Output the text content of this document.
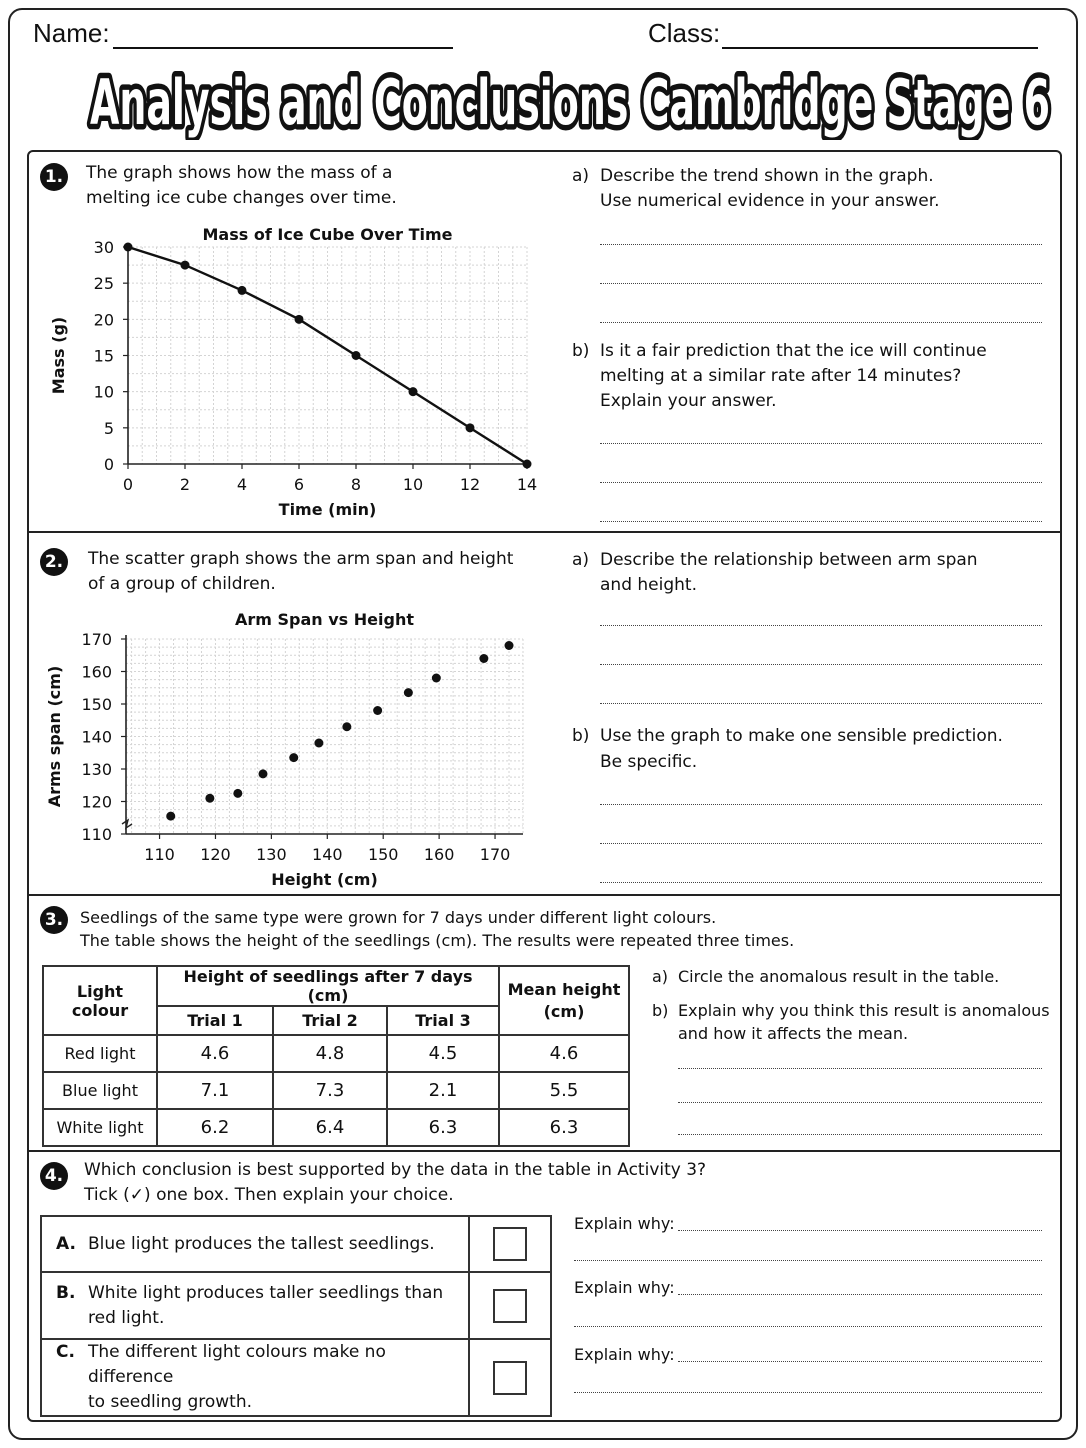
Name:	Class:
Analysis and Conclusions Cambridge Stage 6
Analysis and Conclusions Cambridge Stage 6
1. The graph shows how the mass of a
melting ice cube changes over time.
0
5
10
15
20
25
30
0	2	4	6	8	10 12 14
Mass of Ice Cube Over Time
Time (min)
Mass (g)
a) Describe the trend shown in the graph.
Use numerical evidence in your answer.
b) Is it a fair prediction that the ice will continue
melting at a similar rate after 14 minutes?
Explain your answer.
2. The scatter graph shows the arm span and height
of a group of children.
110
120
130
140
150
160
170
110 120 130 140 150 160 170
Arm Span vs Height
Height (cm)
Arms span (cm)
a) Describe the relationship between arm span
and height.
b) Use the graph to make one sensible prediction.
Be specific.
3.	Seedlings of the same type were grown for 7 days under different light colours.
The table shows the height of the seedlings (cm). The results were repeated three times.
Light colour	Height of seedlings after 7 days (cm)			Mean height
(cm)
	Trial 1	Trial 2	Trial 3	
Red light	4.6	4.8	4.5	4.6
Blue light	7.1	7.3	2.1	5.5
White light	6.2	6.4	6.3	6.3
a) Circle the anomalous result in the table.
b) Explain why you think this result is anomalous
and how it affects the mean.
4. Which conclusion is best supported by the data in the table in Activity 3?
Tick (✓) one box. Then explain your choice.
A. Blue light produces the tallest seedlings.	

B. White light produces taller seedlings than
red light.	

C. The different light colours make no difference
to seedling growth.	

Explain why:
Explain why:
Explain why:
